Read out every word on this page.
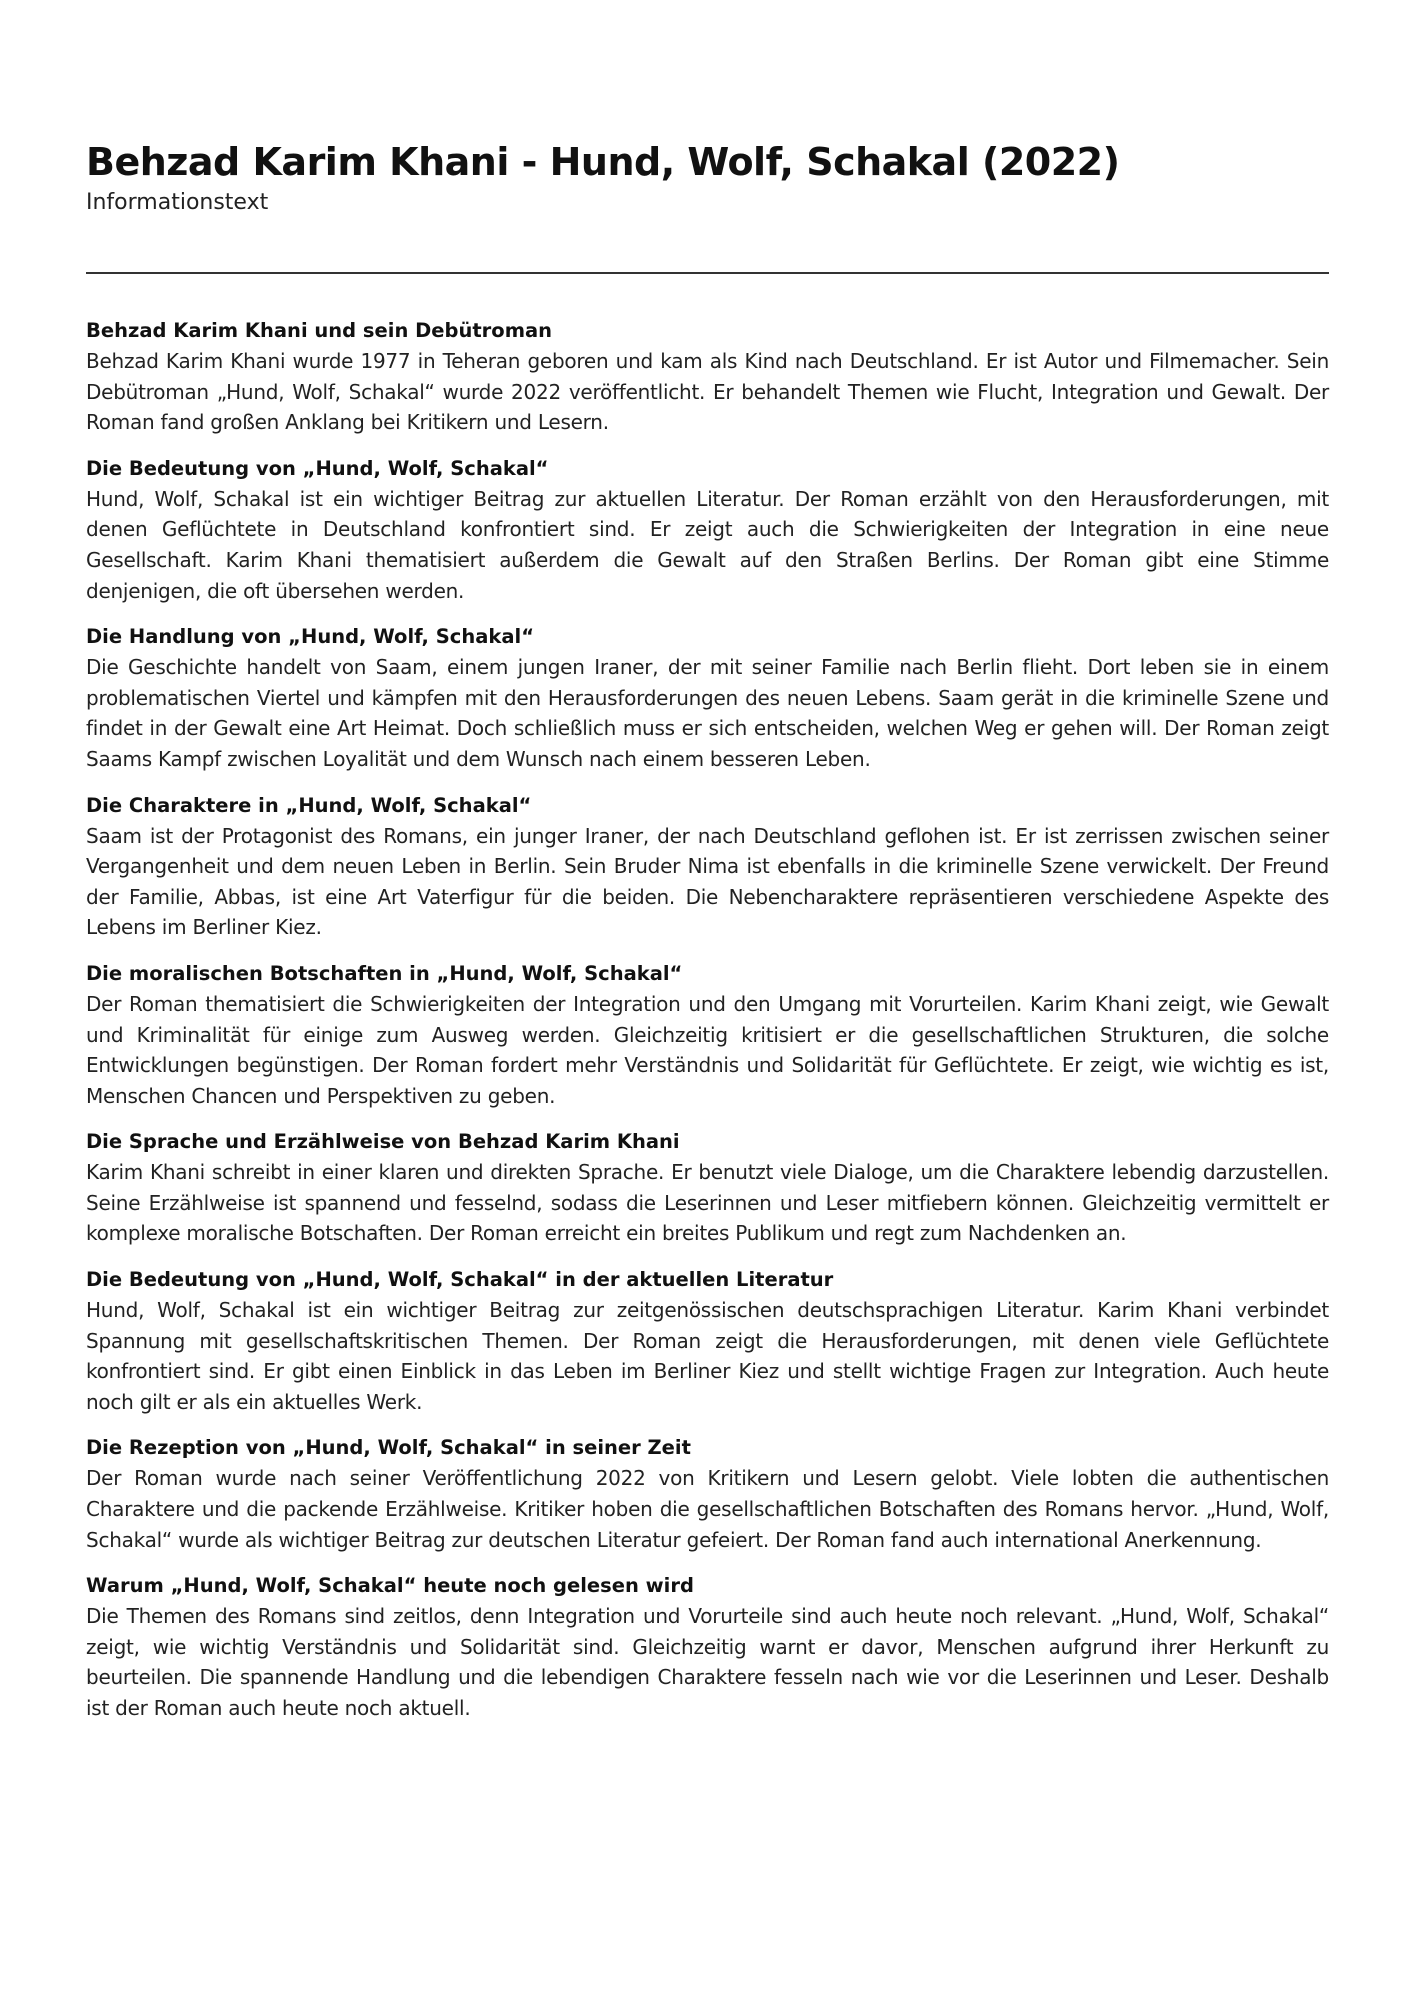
Behzad Karim Khani - Hund, Wolf, Schakal (2022)
Informationstext
Behzad Karim Khani und sein Debütroman

Behzad Karim Khani wurde 1977 in Teheran geboren und kam als Kind nach Deutschland. Er ist Autor und Filmemacher. Sein Debütroman „Hund, Wolf, Schakal“ wurde 2022 veröffentlicht. Er behandelt Themen wie Flucht, Integration und Gewalt. Der Roman fand großen Anklang bei Kritikern und Lesern.

Die Bedeutung von „Hund, Wolf, Schakal“

Hund, Wolf, Schakal ist ein wichtiger Beitrag zur aktuellen Literatur. Der Roman erzählt von den Herausforderungen, mit denen Geflüchtete in Deutschland konfrontiert sind. Er zeigt auch die Schwierigkeiten der Integration in eine neue Gesellschaft. Karim Khani thematisiert außerdem die Gewalt auf den Straßen Berlins. Der Roman gibt eine Stimme denjenigen, die oft übersehen werden.

Die Handlung von „Hund, Wolf, Schakal“

Die Geschichte handelt von Saam, einem jungen Iraner, der mit seiner Familie nach Berlin flieht. Dort leben sie in einem problematischen Viertel und kämpfen mit den Herausforderungen des neuen Lebens. Saam gerät in die kriminelle Szene und findet in der Gewalt eine Art Heimat. Doch schließlich muss er sich entscheiden, welchen Weg er gehen will. Der Roman zeigt Saams Kampf zwischen Loyalität und dem Wunsch nach einem besseren Leben.

Die Charaktere in „Hund, Wolf, Schakal“

Saam ist der Protagonist des Romans, ein junger Iraner, der nach Deutschland geflohen ist. Er ist zerrissen zwischen seiner Vergangenheit und dem neuen Leben in Berlin. Sein Bruder Nima ist ebenfalls in die kriminelle Szene verwickelt. Der Freund der Familie, Abbas, ist eine Art Vaterfigur für die beiden. Die Nebencharaktere repräsentieren verschiedene Aspekte des Lebens im Berliner Kiez.

Die moralischen Botschaften in „Hund, Wolf, Schakal“

Der Roman thematisiert die Schwierigkeiten der Integration und den Umgang mit Vorurteilen. Karim Khani zeigt, wie Gewalt und Kriminalität für einige zum Ausweg werden. Gleichzeitig kritisiert er die gesellschaftlichen Strukturen, die solche Entwicklungen begünstigen. Der Roman fordert mehr Verständnis und Solidarität für Geflüchtete. Er zeigt, wie wichtig es ist, Menschen Chancen und Perspektiven zu geben.

Die Sprache und Erzählweise von Behzad Karim Khani

Karim Khani schreibt in einer klaren und direkten Sprache. Er benutzt viele Dialoge, um die Charaktere lebendig darzustellen. Seine Erzählweise ist spannend und fesselnd, sodass die Leserinnen und Leser mitfiebern können. Gleichzeitig vermittelt er komplexe moralische Botschaften. Der Roman erreicht ein breites Publikum und regt zum Nachdenken an.

Die Bedeutung von „Hund, Wolf, Schakal“ in der aktuellen Literatur

Hund, Wolf, Schakal ist ein wichtiger Beitrag zur zeitgenössischen deutschsprachigen Literatur. Karim Khani verbindet Spannung mit gesellschaftskritischen Themen. Der Roman zeigt die Herausforderungen, mit denen viele Geflüchtete konfrontiert sind. Er gibt einen Einblick in das Leben im Berliner Kiez und stellt wichtige Fragen zur Integration. Auch heute noch gilt er als ein aktuelles Werk.

Die Rezeption von „Hund, Wolf, Schakal“ in seiner Zeit

Der Roman wurde nach seiner Veröffentlichung 2022 von Kritikern und Lesern gelobt. Viele lobten die authentischen Charaktere und die packende Erzählweise. Kritiker hoben die gesellschaftlichen Botschaften des Romans hervor. „Hund, Wolf, Schakal“ wurde als wichtiger Beitrag zur deutschen Literatur gefeiert. Der Roman fand auch international Anerkennung.

Warum „Hund, Wolf, Schakal“ heute noch gelesen wird

Die Themen des Romans sind zeitlos, denn Integration und Vorurteile sind auch heute noch relevant. „Hund, Wolf, Schakal“ zeigt, wie wichtig Verständnis und Solidarität sind. Gleichzeitig warnt er davor, Menschen aufgrund ihrer Herkunft zu beurteilen. Die spannende Handlung und die lebendigen Charaktere fesseln nach wie vor die Leserinnen und Leser. Deshalb ist der Roman auch heute noch aktuell.
